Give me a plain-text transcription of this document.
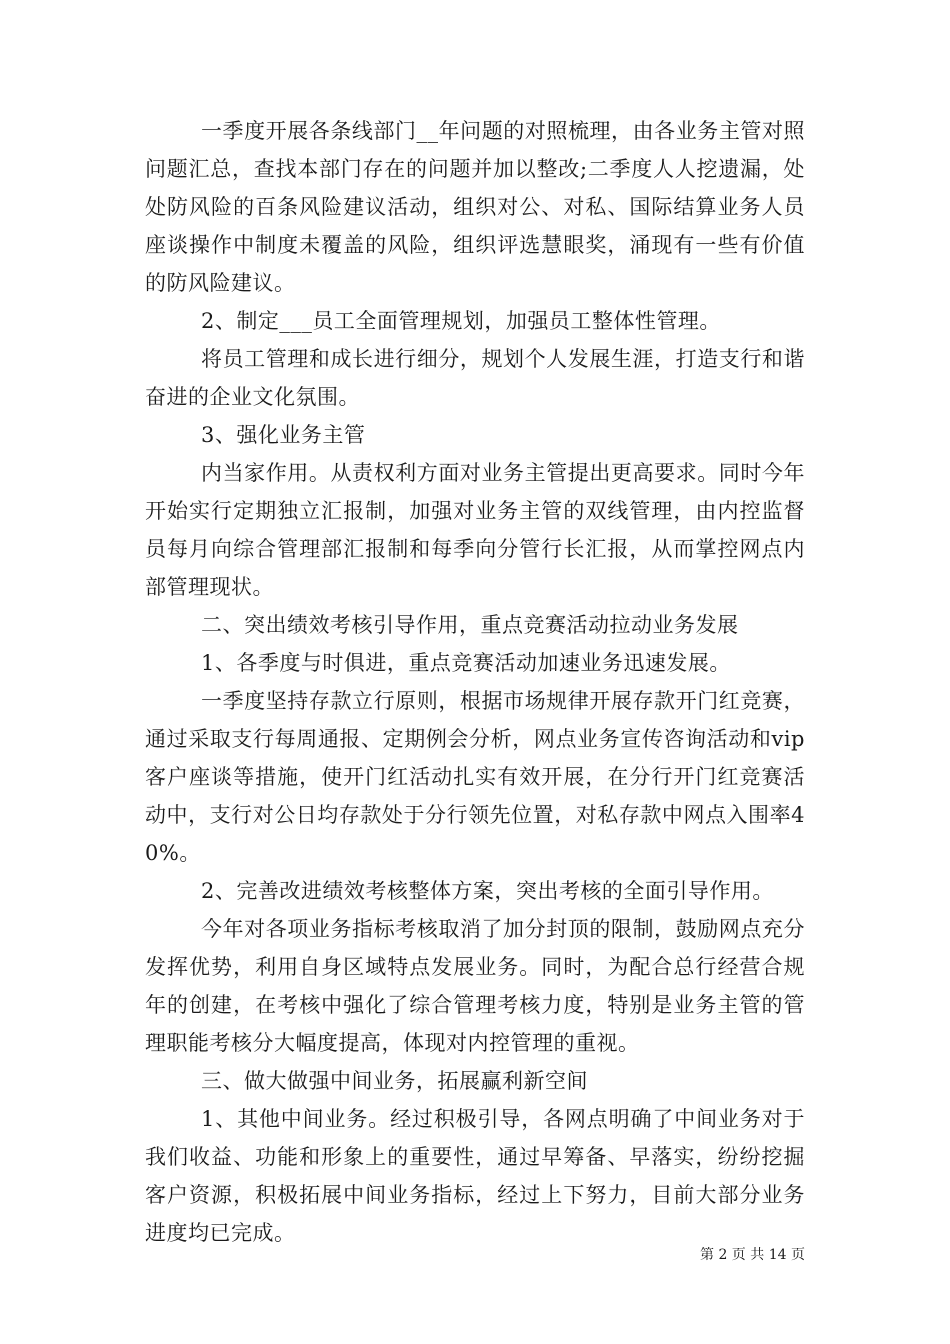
一季度开展各条线部门__年问题的对照梳理，由各业务主管对照问题汇总，查找本部门存在的问题并加以整改;二季度人人挖遗漏，处处防风险的百条风险建议活动，组织对公、对私、国际结算业务人员座谈操作中制度未覆盖的风险，组织评选慧眼奖，涌现有一些有价值的防风险建议。

2、制定___员工全面管理规划，加强员工整体性管理。

将员工管理和成长进行细分，规划个人发展生涯，打造支行和谐奋进的企业文化氛围。

3、强化业务主管

内当家作用。从责权利方面对业务主管提出更高要求。同时今年开始实行定期独立汇报制，加强对业务主管的双线管理，由内控监督员每月向综合管理部汇报制和每季向分管行长汇报，从而掌控网点内部管理现状。

二、突出绩效考核引导作用，重点竞赛活动拉动业务发展

1、各季度与时俱进，重点竞赛活动加速业务迅速发展。

一季度坚持存款立行原则，根据市场规律开展存款开门红竞赛，通过采取支行每周通报、定期例会分析，网点业务宣传咨询活动和vip客户座谈等措施，使开门红活动扎实有效开展，在分行开门红竞赛活动中，支行对公日均存款处于分行领先位置，对私存款中网点入围率40%。

2、完善改进绩效考核整体方案，突出考核的全面引导作用。

今年对各项业务指标考核取消了加分封顶的限制，鼓励网点充分发挥优势，利用自身区域特点发展业务。同时，为配合总行经营合规年的创建，在考核中强化了综合管理考核力度，特别是业务主管的管理职能考核分大幅度提高，体现对内控管理的重视。

三、做大做强中间业务，拓展赢利新空间

1、其他中间业务。经过积极引导，各网点明确了中间业务对于我们收益、功能和形象上的重要性，通过早筹备、早落实，纷纷挖掘客户资源，积极拓展中间业务指标，经过上下努力，目前大部分业务进度均已完成。

第 2 页 共 14 页
